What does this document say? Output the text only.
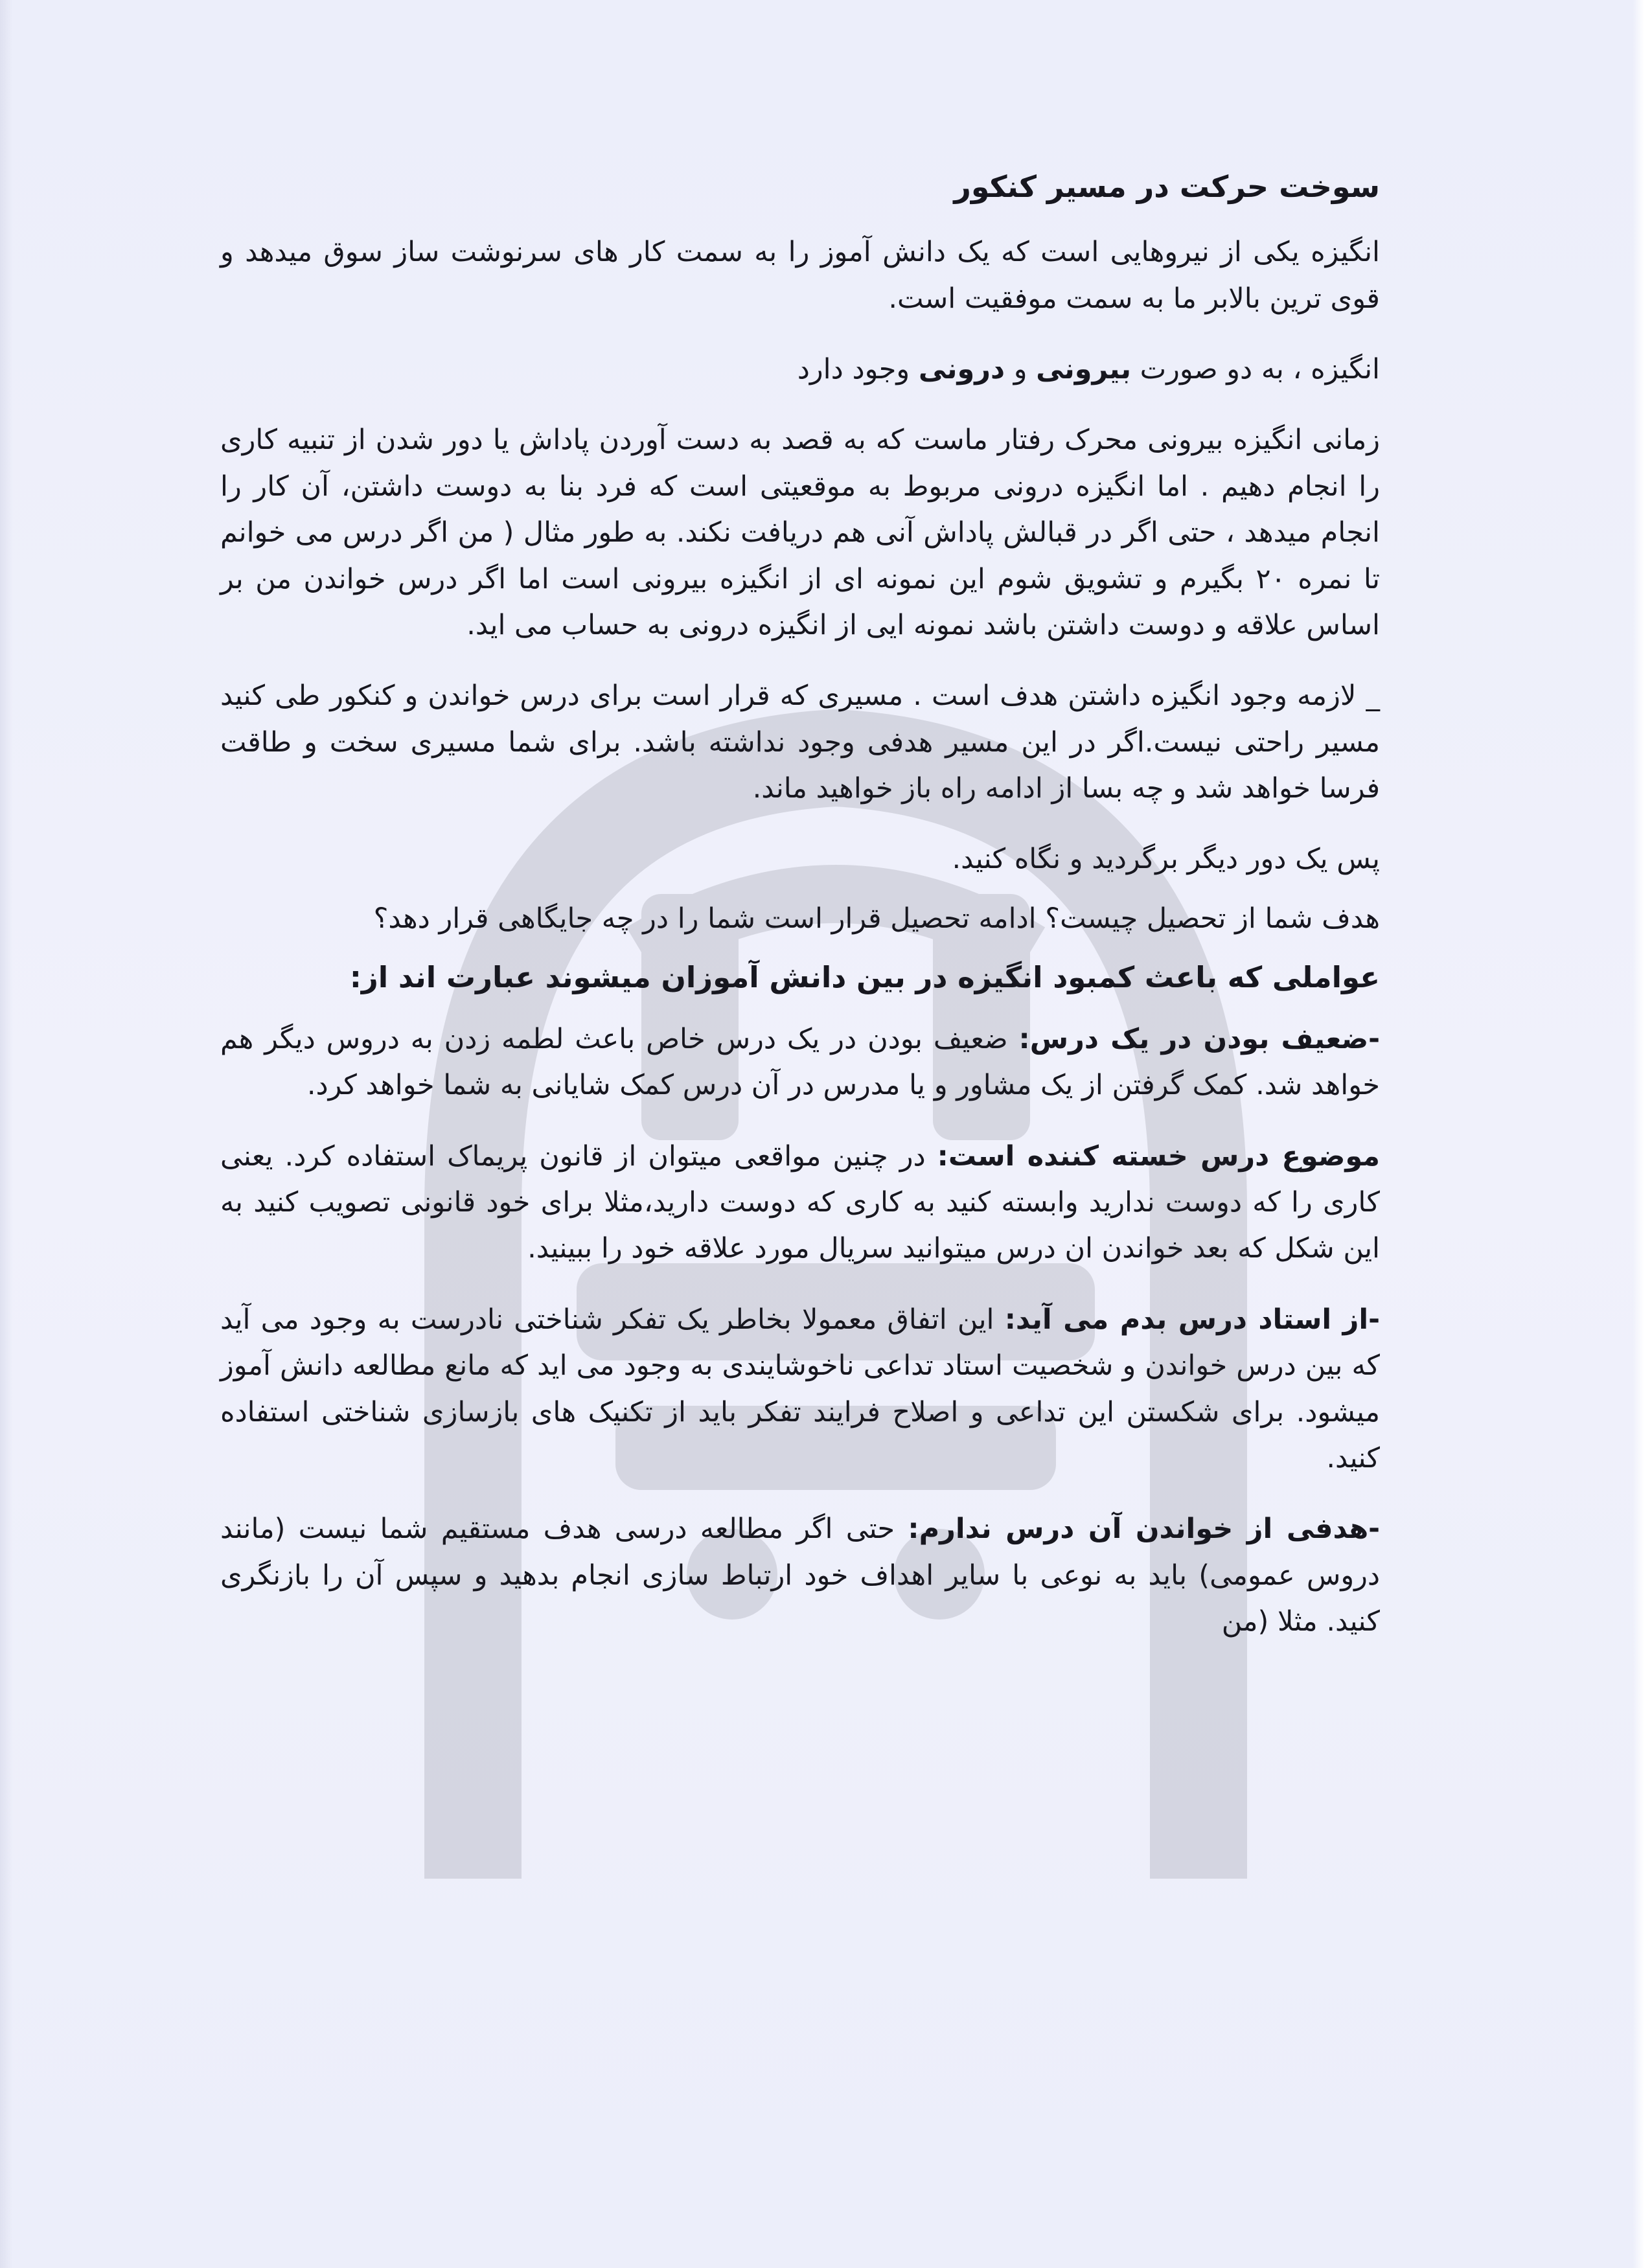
سوخت حرکت در مسیر کنکور

انگیزه یکی از نیروهایی است که یک دانش آموز را به سمت کار های سرنوشت ساز سوق میدهد و قوی ترین بالابر ما به سمت موفقیت است.

انگیزه ، به دو صورت بیرونی و درونی وجود دارد

زمانی انگیزه بیرونی محرک رفتار ماست که به قصد به دست آوردن پاداش یا دور شدن از تنبیه کاری را انجام دهیم . اما انگیزه درونی مربوط به موقعیتی است که فرد بنا به دوست داشتن، آن کار را انجام میدهد ، حتی اگر در قبالش پاداش آنی هم دریافت نکند. به طور مثال ( من اگر درس می خوانم تا نمره ۲۰ بگیرم و تشویق شوم این نمونه ای از انگیزه بیرونی است اما اگر درس خواندن من بر اساس علاقه و دوست داشتن باشد نمونه ایی از انگیزه درونی به حساب می اید.

_ لازمه وجود انگیزه داشتن هدف است . مسیری که قرار است برای درس خواندن و کنکور طی کنید مسیر راحتی نیست.اگر در این مسیر هدفی وجود نداشته باشد. برای شما مسیری سخت و طاقت فرسا خواهد شد و چه بسا از ادامه راه باز خواهید ماند.

پس یک دور دیگر برگردید و نگاه کنید.

هدف شما از تحصیل چیست؟ ادامه تحصیل قرار است شما را در چه جایگاهی قرار دهد؟

عواملی که باعث کمبود انگیزه در بین دانش آموزان میشوند عبارت اند از:

-ضعیف بودن در یک درس: ضعیف بودن در یک درس خاص باعث لطمه زدن به دروس دیگر هم خواهد شد. کمک گرفتن از یک مشاور و یا مدرس در آن درس کمک شایانی به شما خواهد کرد.

موضوع درس خسته کننده است: در چنین مواقعی میتوان از قانون پریماک استفاده کرد. یعنی کاری را که دوست ندارید وابسته کنید به کاری که دوست دارید،مثلا برای خود قانونی تصویب کنید به این شکل که بعد خواندن ان درس میتوانید سریال مورد علاقه خود را ببینید.

-از استاد درس بدم می آید: این اتفاق معمولا بخاطر یک تفکر شناختی نادرست به وجود می آید که بین درس خواندن و شخصیت استاد تداعی ناخوشایندی به وجود می اید که مانع مطالعه دانش آموز میشود. برای شکستن این تداعی و اصلاح فرایند تفکر باید از تکنیک های بازسازی شناختی استفاده کنید.

-هدفی از خواندن آن درس ندارم: حتی اگر مطالعه درسی هدف مستقیم شما نیست (مانند دروس عمومی) باید به نوعی با سایر اهداف خود ارتباط سازی انجام بدهید و سپس آن را بازنگری کنید. مثلا (من
